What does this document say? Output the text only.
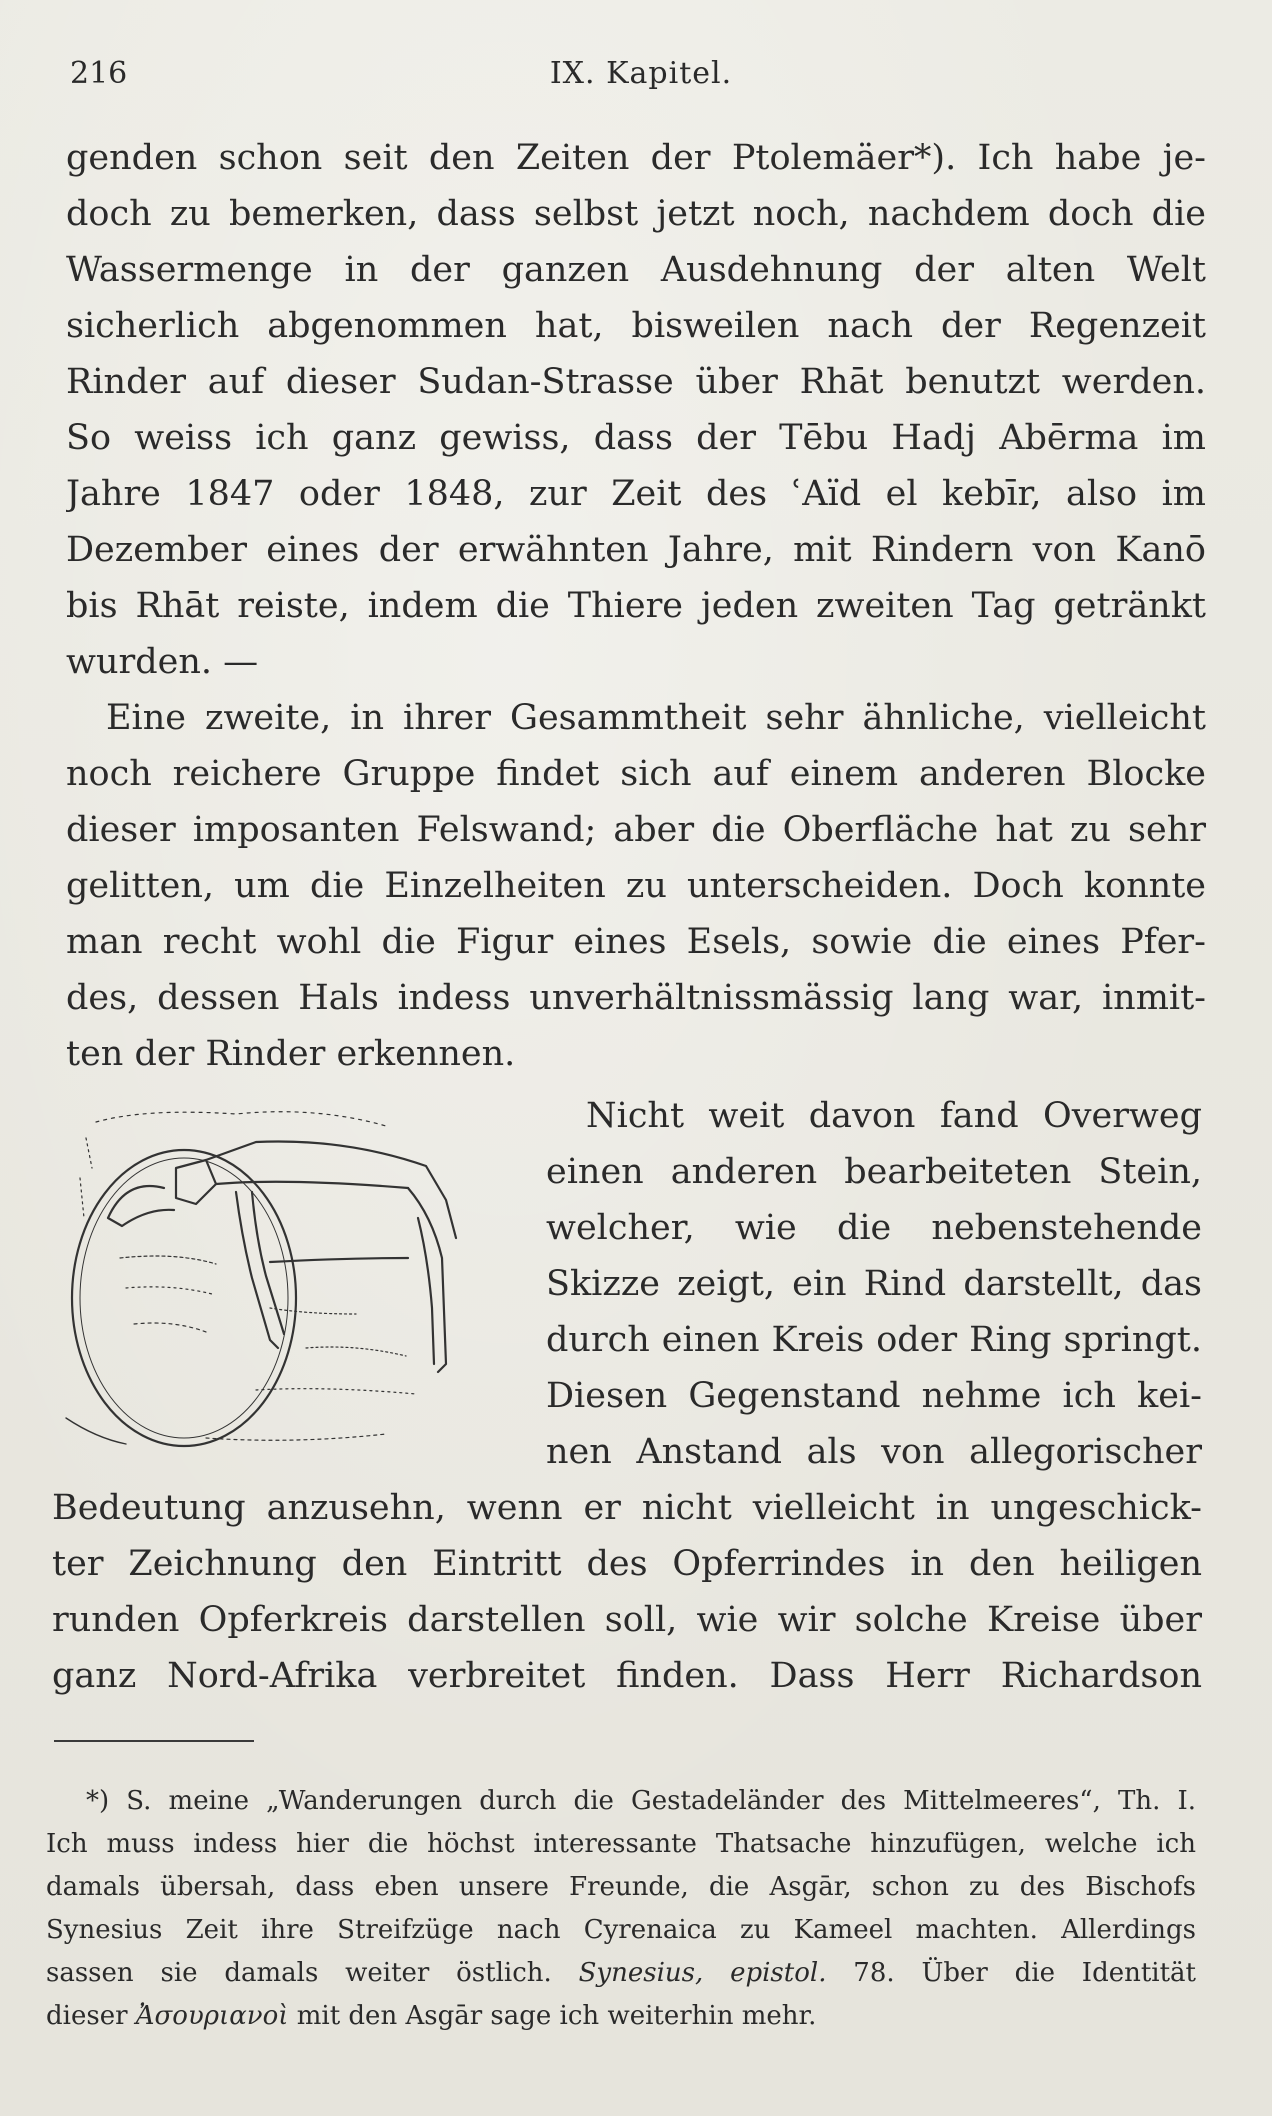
216	IX. Kapitel.
genden schon seit den Zeiten der Ptolemäer*). Ich habe je-
doch zu bemerken, dass selbst jetzt noch, nachdem doch die
Wassermenge in der ganzen Ausdehnung der alten Welt
sicherlich abgenommen hat, bisweilen nach der Regenzeit
Rinder auf dieser Sudan-Strasse über Rhāt benutzt werden.
So weiss ich ganz gewiss, dass der Tēbu Hadj Abērma im
Jahre 1847 oder 1848, zur Zeit des ʿAïd el kebīr, also im
Dezember eines der erwähnten Jahre, mit Rindern von Kanō
bis Rhāt reiste, indem die Thiere jeden zweiten Tag getränkt
wurden. —
Eine zweite, in ihrer Gesammtheit sehr ähnliche, vielleicht
noch reichere Gruppe findet sich auf einem anderen Blocke
dieser imposanten Felswand; aber die Oberfläche hat zu sehr
gelitten, um die Einzelheiten zu unterscheiden. Doch konnte
man recht wohl die Figur eines Esels, sowie die eines Pfer-
des, dessen Hals indess unverhältnissmässig lang war, inmit-
ten der Rinder erkennen.
Nicht weit davon fand Overweg
einen anderen bearbeiteten Stein,
welcher, wie die nebenstehende
Skizze zeigt, ein Rind darstellt, das
durch einen Kreis oder Ring springt.
Diesen Gegenstand nehme ich kei-
nen Anstand als von allegorischer
Bedeutung anzusehn, wenn er nicht vielleicht in ungeschick-
ter Zeichnung den Eintritt des Opferrindes in den heiligen
runden Opferkreis darstellen soll, wie wir solche Kreise über
ganz Nord-Afrika verbreitet finden. Dass Herr Richardson
*) S. meine „Wanderungen durch die Gestadeländer des Mittelmeeres“, Th. I.
Ich muss indess hier die höchst interessante Thatsache hinzufügen, welche ich
damals übersah, dass eben unsere Freunde, die Asgār, schon zu des Bischofs
Synesius Zeit ihre Streifzüge nach Cyrenaica zu Kameel machten. Allerdings
sassen sie damals weiter östlich. Synesius, epistol. 78. Über die Identität
dieser Ἀσουριανοὶ mit den Asgār sage ich weiterhin mehr.
